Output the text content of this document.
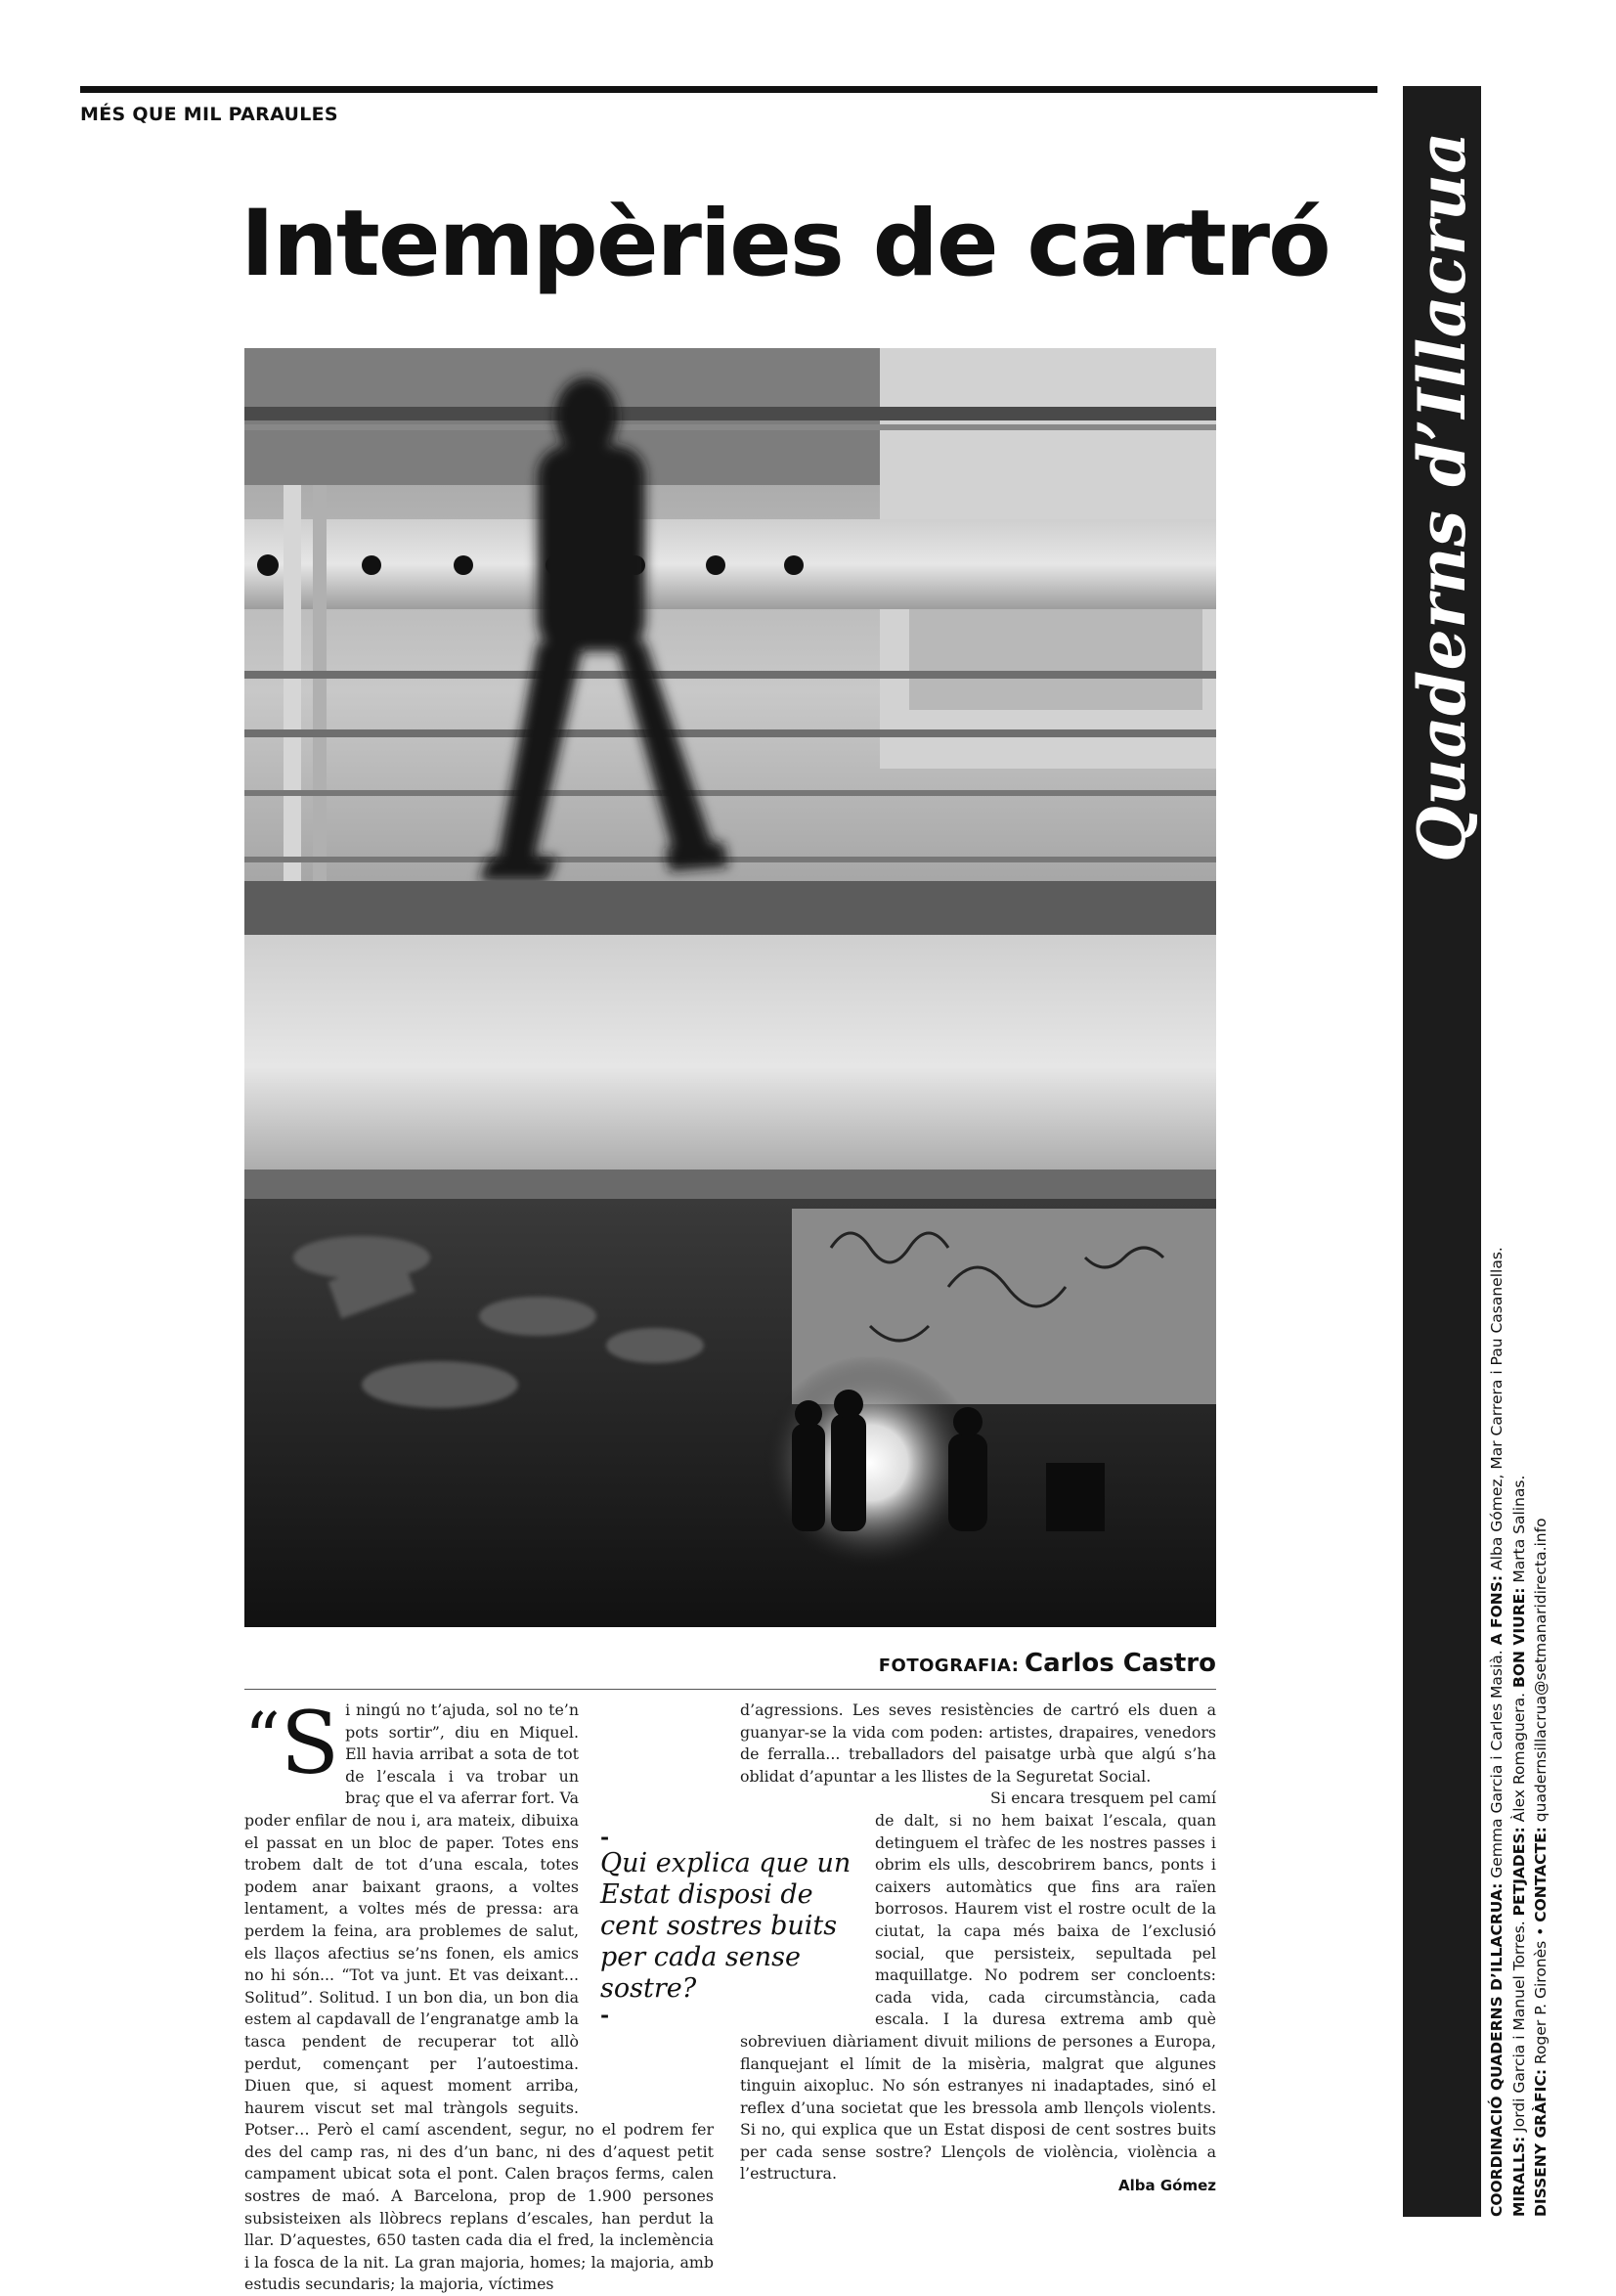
MÉS QUE MIL PARAULES
Intempèries de cartró
FOTOGRAFIA: Carlos Castro

“ S i ningú no t’ajuda, sol no te’n pots sortir”, diu en Miquel. Ell havia arribat a sota de tot de l’escala i va trobar un braç que el va aferrar fort. Va poder enfilar de nou i, ara mateix, dibuixa el passat en un bloc de paper. Totes ens trobem dalt de tot d’una escala, totes podem anar baixant graons, a voltes lentament, a voltes més de pressa: ara perdem la feina, ara problemes de salut, els llaços afectius se’ns fonen, els amics no hi són... “Tot va junt. Et vas deixant... Solitud”. Solitud. I un bon dia, un bon dia estem al capdavall de l’engranatge amb la tasca pendent de recuperar tot allò perdut, començant per l’autoestima. Diuen que, si aquest moment arriba, haurem viscut set mal tràngols seguits. Potser… Però el camí ascendent, segur, no el podrem fer des del camp ras, ni des d’un banc, ni des d’aquest petit campament ubicat sota el pont. Calen braços ferms, calen sostres de maó. A Barcelona, prop de 1.900 persones subsisteixen als llòbrecs replans d’escales, han perdut la llar. D’aquestes, 650 tasten cada dia el fred, la inclemència i la fosca de la nit. La gran majoria, homes; la majoria, amb estudis secundaris; la majoria, víctimes

d’agressions. Les seves resistències de cartró els duen a guanyar-se la vida com poden: artistes, drapaires, venedors de ferralla... treballadors del paisatge urbà que algú s’ha oblidat d’apuntar a les llistes de la Seguretat Social.

Si encara tresquem pel camí de dalt, si no hem baixat l’escala, quan detinguem el tràfec de les nostres passes i obrim els ulls, descobrirem bancs, ponts i caixers automàtics que fins ara raïen borrosos. Haurem vist el rostre ocult de la ciutat, la capa més baixa de l’exclusió social, que persisteix, sepultada pel maquillatge. No podrem ser concloents: cada vida, cada circumstància, cada escala. I la duresa extrema amb què sobreviuen diàriament divuit milions de persones a Europa, flanquejant el límit de la misèria, malgrat que algunes tinguin aixopluc. No són estranyes ni inadaptades, sinó el reflex d’una societat que les bressola amb llençols violents. Si no, qui explica que un Estat disposi de cent sostres buits per cada sense sostre? Llençols de violència, violència a l’estructura.

-
Qui explica que un Estat disposi de cent sostres buits per cada sense sostre?
-
Alba Gómez
Quaderns d’Illacrua
COORDINACIÓ QUADERNS D’ILLACRUA: Gemma Garcia i Carles Masià. A FONS: Alba Gómez, Mar Carrera i Pau Casanellas.
MIRALLS: Jordi Garcia i Manuel Torres. PETJADES: Àlex Romaguera. BON VIURE: Marta Salinas.
DISSENY GRÀFIC: Roger P. Gironès • CONTACTE: quadernsillacrua@setmanaridirecta.info
